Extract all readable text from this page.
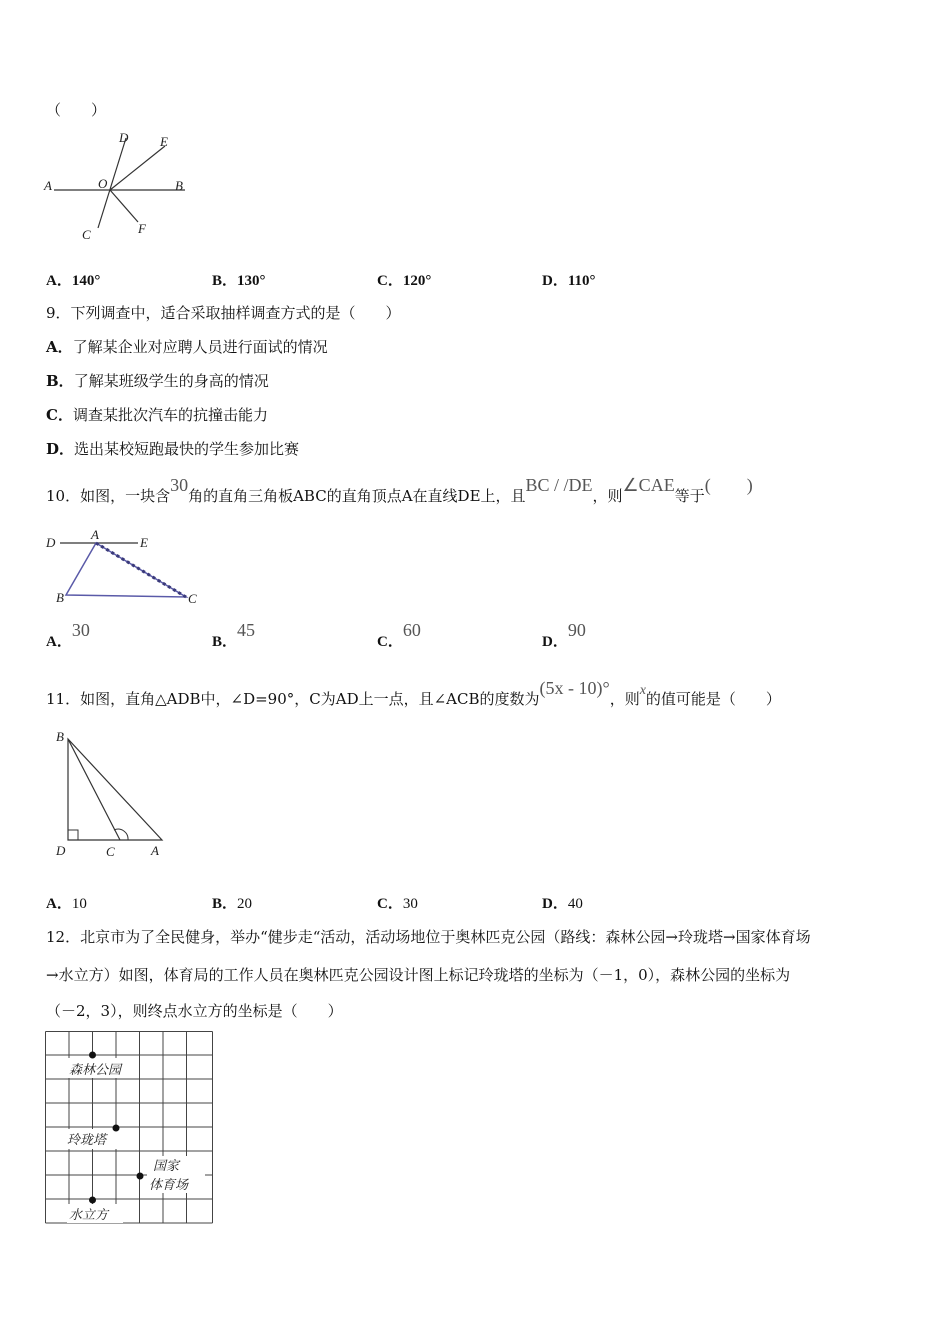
（　　）
D E
A	O	B
C	F
A．140°	B．130°	C．120°	D．110°
9．下列调查中，适合采取抽样调查方式的是（　　）
A．了解某企业对应聘人员进行面试的情况
B．了解某班级学生的身高的情况
C．调查某批次汽车的抗撞击能力
D．选出某校短跑最快的学生参加比赛
10．如图，一块含30角的直角三角板ABC的直角顶点A在直线DE上，且BC / /DE，则∠CAE等于(　　)
D
A
E
B	C
A．30
B．45
C．60
D．90
11．如图，直角△ADB中，∠D=90°，C为AD上一点，且∠ACB的度数为(5x - 10)°，则x的值可能是（　　）
B
D	C	A
A．10	B．20	C．30	D．40
12．北京市为了全民健身，举办“健步走“活动，活动场地位于奥林匹克公园（路线：森林公园→玲珑塔→国家体育场
→水立方）如图，体育局的工作人员在奥林匹克公园设计图上标记玲珑塔的坐标为（－1，0），森林公园的坐标为
（－2，3），则终点水立方的坐标是（　　）
森林公园
玲珑塔
国家
体育场
水立方
